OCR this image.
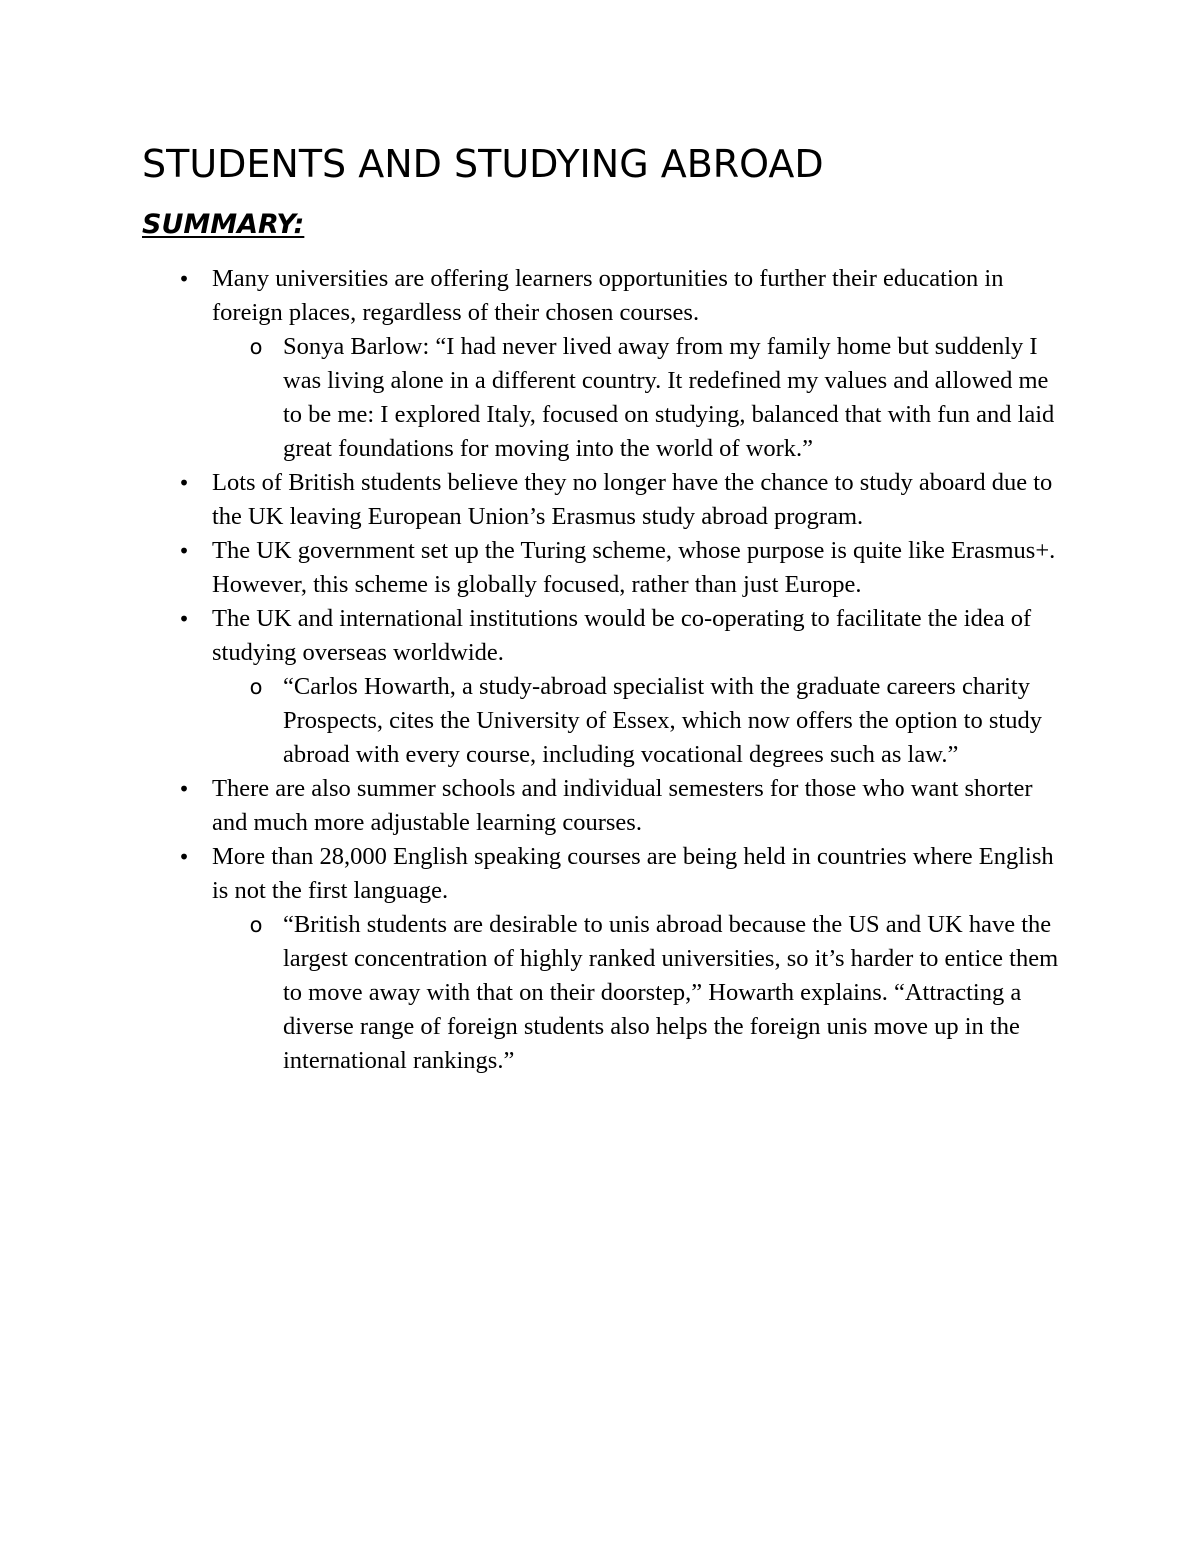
STUDENTS AND STUDYING ABROAD
SUMMARY:
• Many universities are offering learners opportunities to further their education in foreign places, regardless of their chosen courses.
o Sonya Barlow: “I had never lived away from my family home but suddenly I was living alone in a different country. It redefined my values and allowed me to be me: I explored Italy, focused on studying, balanced that with fun and laid great foundations for moving into the world of work.”
• Lots of British students believe they no longer have the chance to study aboard due to the UK leaving European Union’s Erasmus study abroad program.
• The UK government set up the Turing scheme, whose purpose is quite like Erasmus+. However, this scheme is globally focused, rather than just Europe.
• The UK and international institutions would be co-operating to facilitate the idea of studying overseas worldwide.
o “Carlos Howarth, a study-abroad specialist with the graduate careers charity Prospects, cites the University of Essex, which now offers the option to study abroad with every course, including vocational degrees such as law.”
• There are also summer schools and individual semesters for those who want shorter and much more adjustable learning courses.
• More than 28,000 English speaking courses are being held in countries where English is not the first language.
o “British students are desirable to unis abroad because the US and UK have the largest concentration of highly ranked universities, so it’s harder to entice them to move away with that on their doorstep,” Howarth explains. “Attracting a diverse range of foreign students also helps the foreign unis move up in the international rankings.”
